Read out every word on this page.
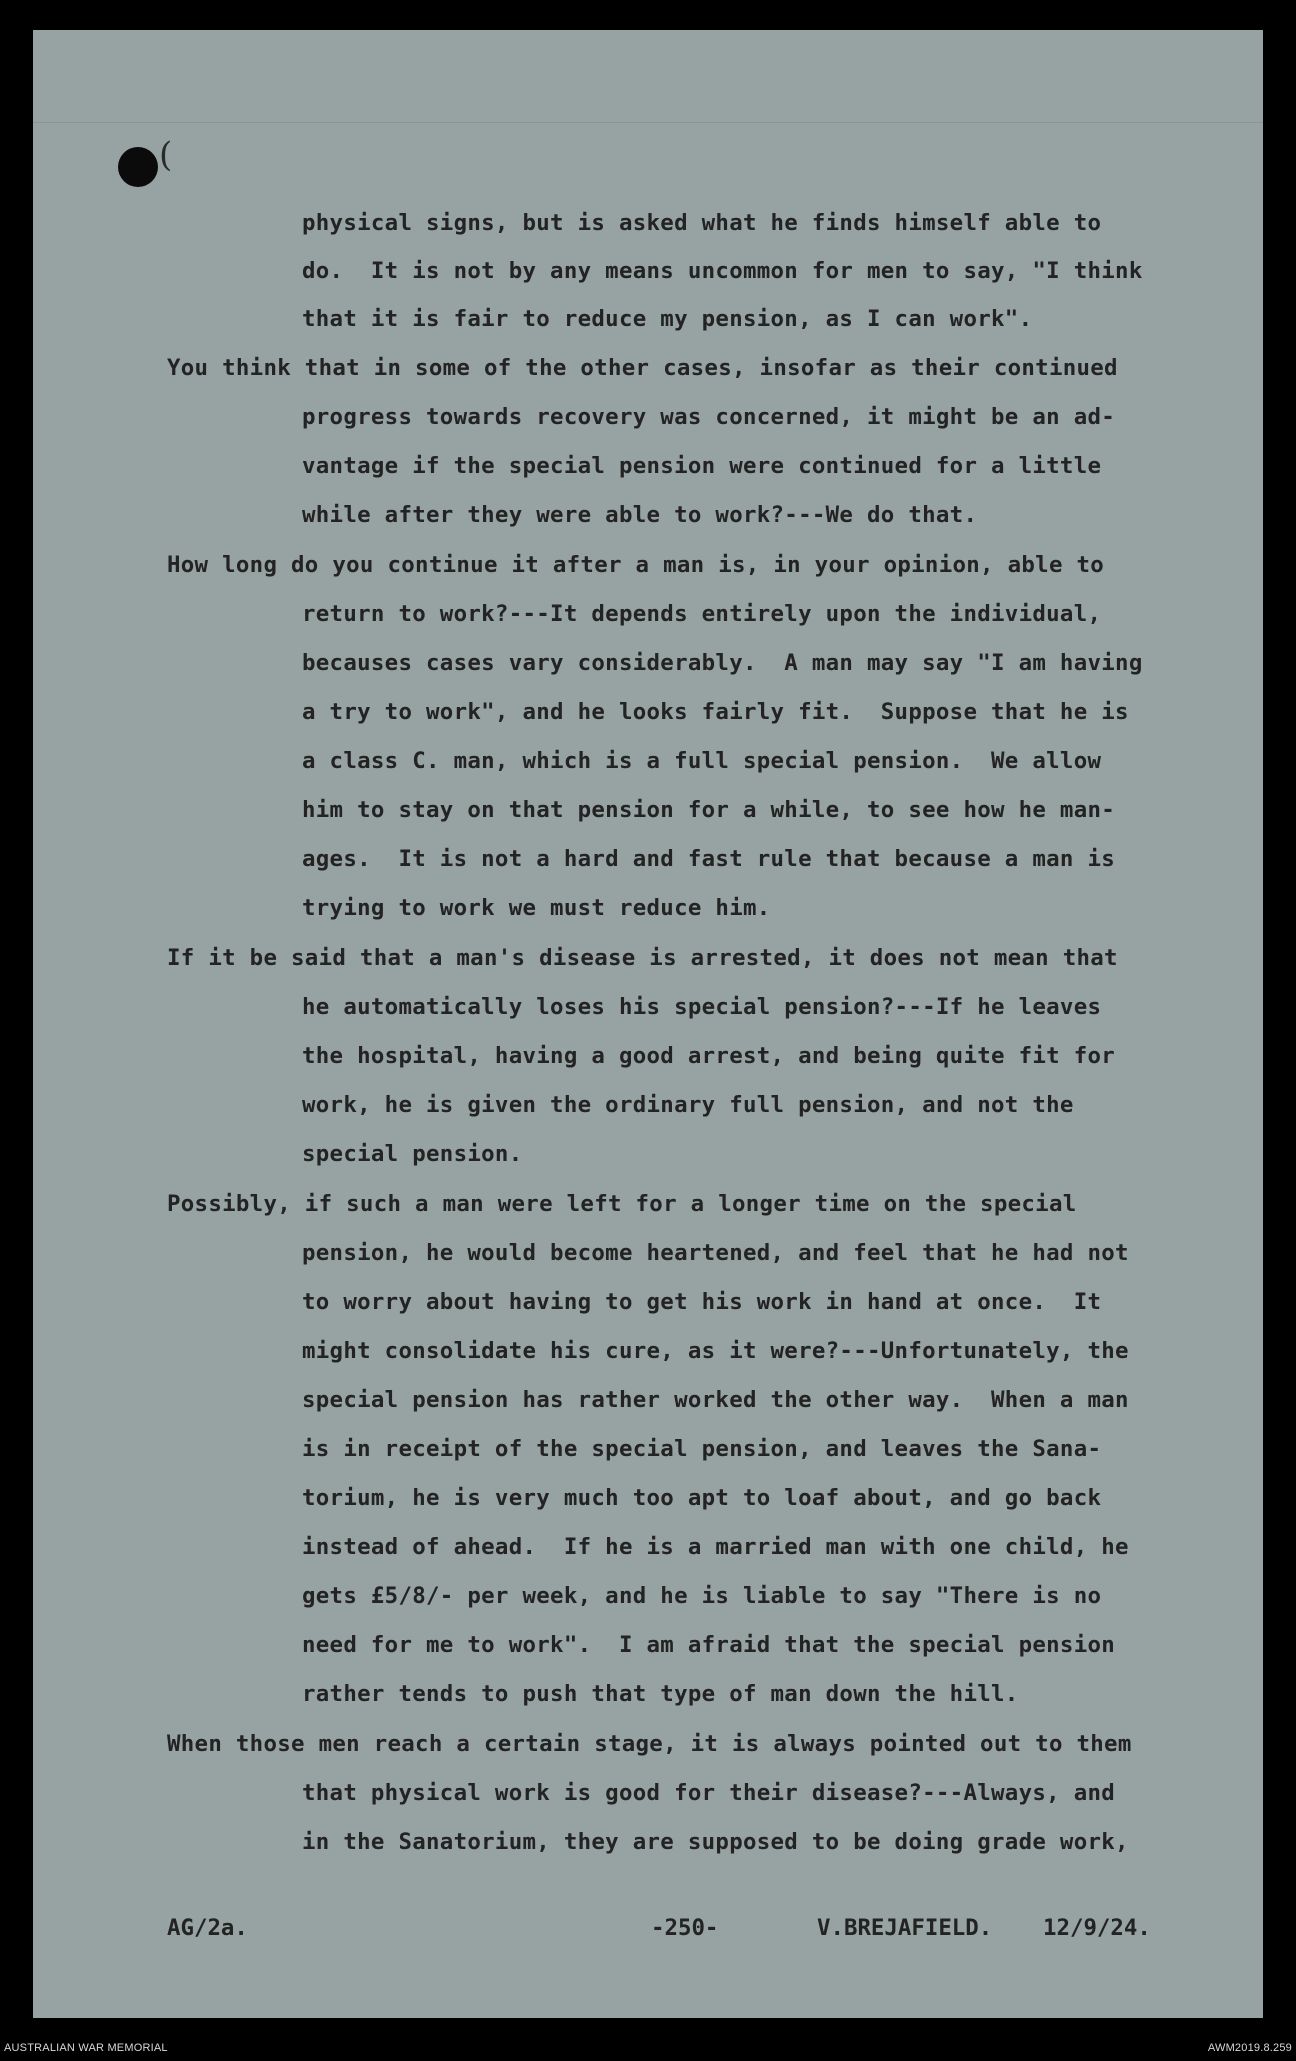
(
physical signs, but is asked what he finds himself able to
do.  It is not by any means uncommon for men to say, "I think
that it is fair to reduce my pension, as I can work".
You think that in some of the other cases, insofar as their continued
progress towards recovery was concerned, it might be an ad-
vantage if the special pension were continued for a little
while after they were able to work?---We do that.
How long do you continue it after a man is, in your opinion, able to
return to work?---It depends entirely upon the individual,
becauses cases vary considerably.  A man may say "I am having
a try to work", and he looks fairly fit.  Suppose that he is
a class C. man, which is a full special pension.  We allow
him to stay on that pension for a while, to see how he man-
ages.  It is not a hard and fast rule that because a man is
trying to work we must reduce him.
If it be said that a man's disease is arrested, it does not mean that
he automatically loses his special pension?---If he leaves
the hospital, having a good arrest, and being quite fit for
work, he is given the ordinary full pension, and not the
special pension.
Possibly, if such a man were left for a longer time on the special
pension, he would become heartened, and feel that he had not
to worry about having to get his work in hand at once.  It
might consolidate his cure, as it were?---Unfortunately, the
special pension has rather worked the other way.  When a man
is in receipt of the special pension, and leaves the Sana-
torium, he is very much too apt to loaf about, and go back
instead of ahead.  If he is a married man with one child, he
gets £5/8/- per week, and he is liable to say "There is no
need for me to work".  I am afraid that the special pension
rather tends to push that type of man down the hill.
When those men reach a certain stage, it is always pointed out to them
that physical work is good for their disease?---Always, and
in the Sanatorium, they are supposed to be doing grade work,
AG/2a.	-250-	V.BREJAFIELD. 12/9/24.
AUSTRALIAN WAR MEMORIAL	AWM2019.8.259
